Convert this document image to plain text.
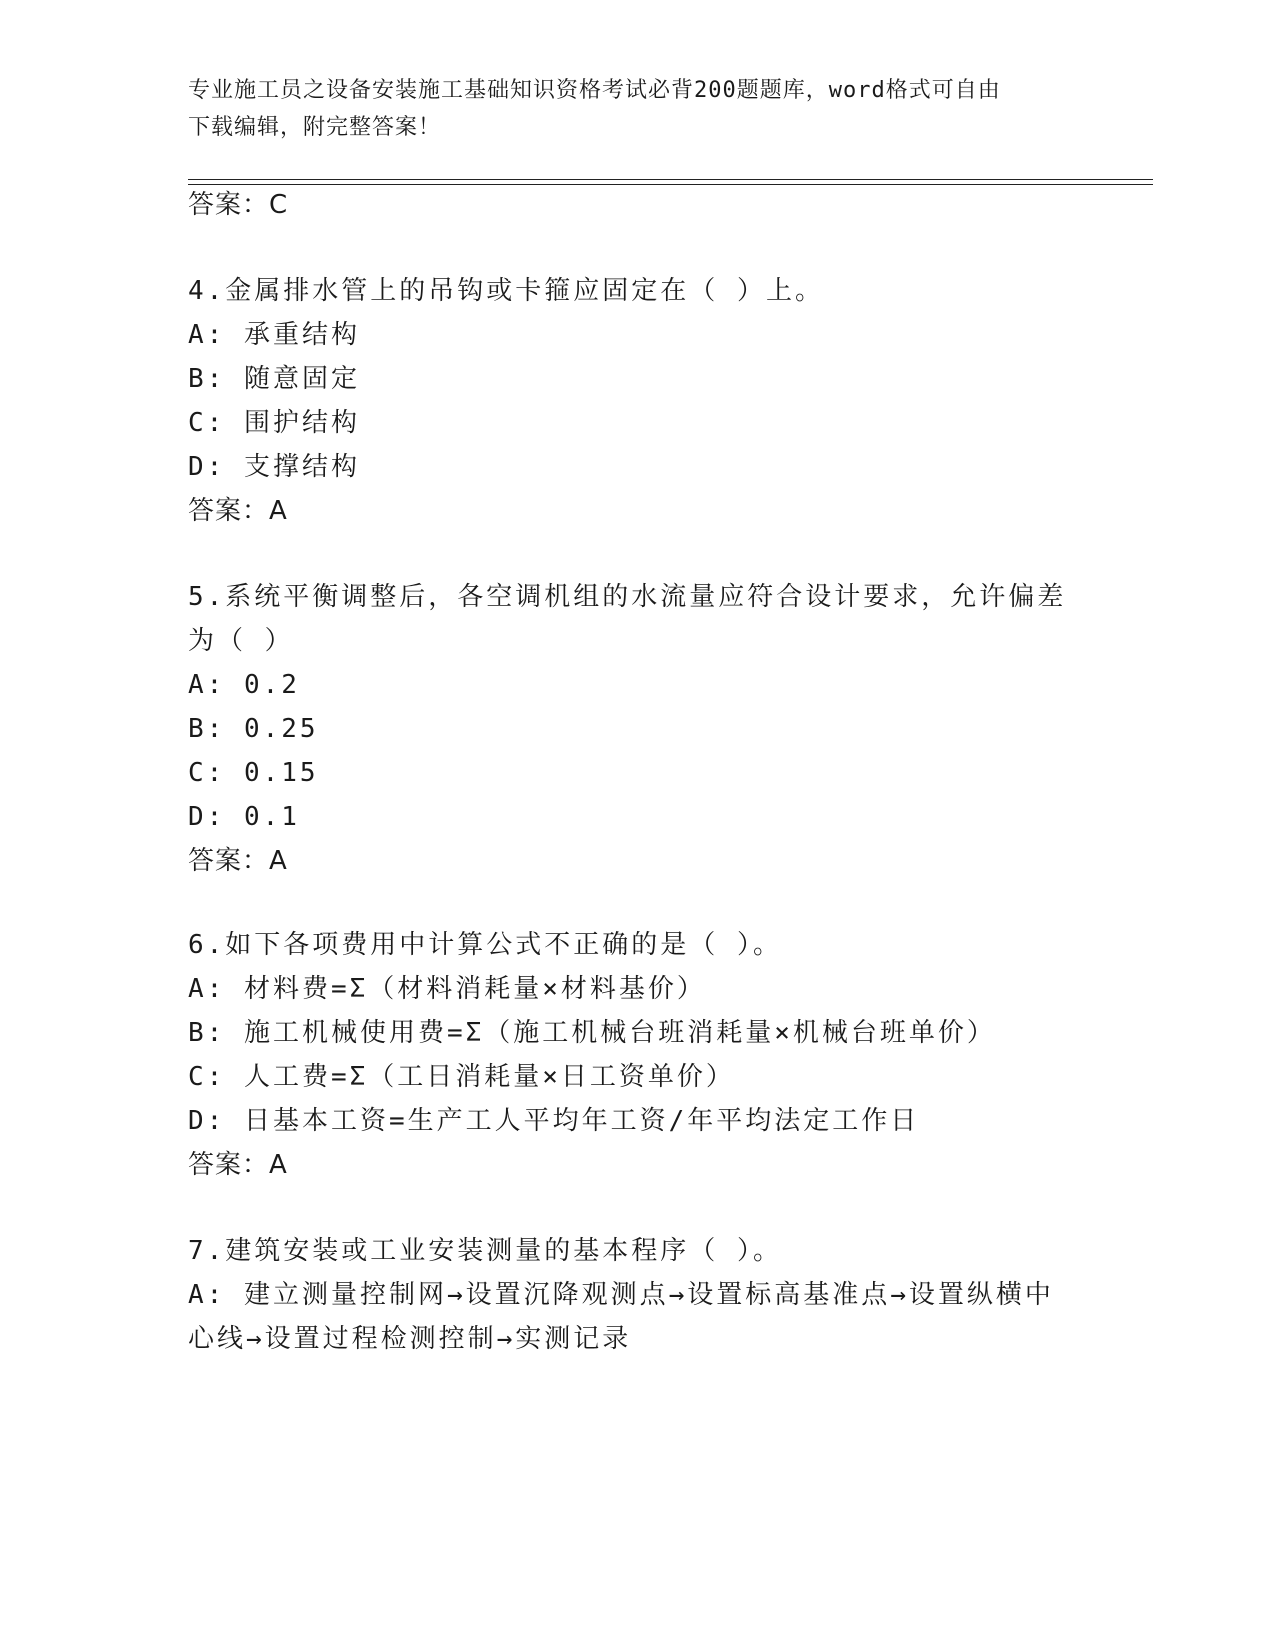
专业施工员之设备安装施工基础知识资格考试必背200题题库，word格式可自由
下载编辑，附完整答案！
答案：C
4.金属排水管上的吊钩或卡箍应固定在（ ）上。
A: 承重结构
B: 随意固定
C: 围护结构
D: 支撑结构
答案：A
5.系统平衡调整后，各空调机组的水流量应符合设计要求，允许偏差
为（ ）
A: 0.2
B: 0.25
C: 0.15
D: 0.1
答案：A
6.如下各项费用中计算公式不正确的是（ ）。
A: 材料费=Σ（材料消耗量×材料基价）
B: 施工机械使用费=Σ（施工机械台班消耗量×机械台班单价）
C: 人工费=Σ（工日消耗量×日工资单价）
D: 日基本工资=生产工人平均年工资/年平均法定工作日
答案：A
7.建筑安装或工业安装测量的基本程序（ ）。
A: 建立测量控制网→设置沉降观测点→设置标高基准点→设置纵横中
心线→设置过程检测控制→实测记录
